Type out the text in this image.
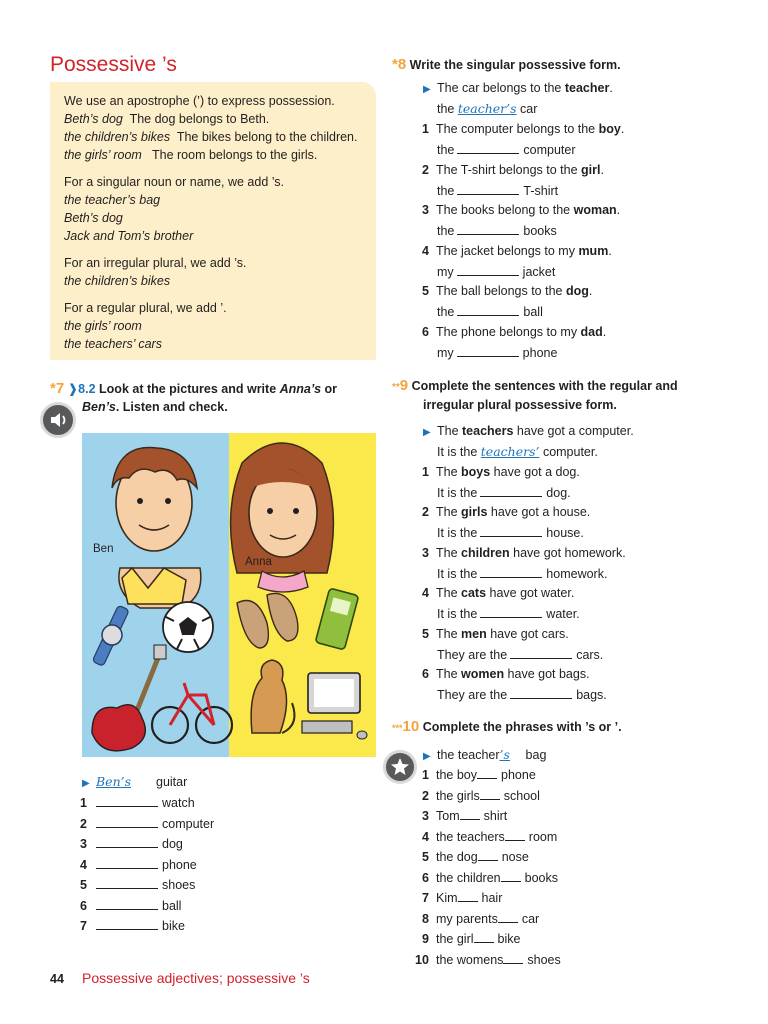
Possessive ’s

We use an apostrophe (’) to express possession.

Beth’s dog  The dog belongs to Beth.

the children’s bikes  The bikes belong to the children.

the girls’ room   The room belongs to the girls.

For a singular noun or name, we add ’s.

the teacher’s bag

Beth’s dog

Jack and Tom’s brother

For an irregular plural, we add ’s.

the children’s bikes

For a regular plural, we add ’.

the girls’ room

the teachers’ cars

*7 ❱8.2 Look at the pictures and write Anna’s or
Ben’s. Listen and check.
Ben
Anna
▶ Ben’s guitar
1	watch
2	computer
3	dog
4	phone
5	shoes
6	ball
7	bike
*8 Write the singular possessive form.
▶ The car belongs to the teacher.
the teacher’s car
1 The computer belongs to the boy.
the	computer
2 The T-shirt belongs to the girl.
the	T-shirt
3 The books belong to the woman.
the	books
4 The jacket belongs to my mum.
my	jacket
5 The ball belongs to the dog.
the	ball
6 The phone belongs to my dad.
my	phone
**9 Complete the sentences with the regular and
irregular plural possessive form.
▶ The teachers have got a computer.
It is the teachers’ computer.
1 The boys have got a dog.
It is the	dog.
2 The girls have got a house.
It is the	house.
3 The children have got homework.
It is the	homework.
4 The cats have got water.
It is the	water.
5 The men have got cars.
They are the	cars.
6 The women have got bags.
They are the	bags.
***10 Complete the phrases with ’s or ’.
▶ the teacher’s bag
1 the boy phone
2 the girls school
3 Tom shirt
4 the teachers room
5 the dog nose
6 the children books
7 Kim hair
8 my parents car
9 the girl bike
10 the womens shoes
44 Possessive adjectives; possessive ’s
